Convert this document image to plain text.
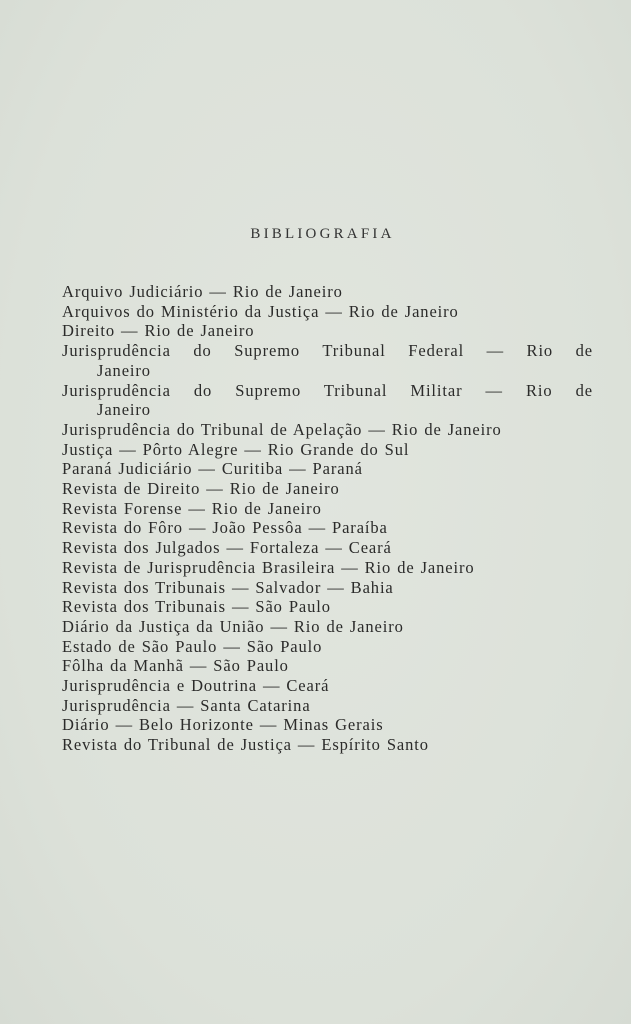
BIBLIOGRAFIA
Arquivo Judiciário — Rio de Janeiro
Arquivos do Ministério da Justiça — Rio de Janeiro
Direito — Rio de Janeiro
Jurisprudência do Supremo Tribunal Federal — Rio de
Janeiro
Jurisprudência do Supremo Tribunal Militar — Rio de
Janeiro
Jurisprudência do Tribunal de Apelação — Rio de Janeiro
Justiça — Pôrto Alegre — Rio Grande do Sul
Paraná Judiciário — Curitiba — Paraná
Revista de Direito — Rio de Janeiro
Revista Forense — Rio de Janeiro
Revista do Fôro — João Pessôa — Paraíba
Revista dos Julgados — Fortaleza — Ceará
Revista de Jurisprudência Brasileira — Rio de Janeiro
Revista dos Tribunais — Salvador — Bahia
Revista dos Tribunais — São Paulo
Diário da Justiça da União — Rio de Janeiro
Estado de São Paulo — São Paulo
Fôlha da Manhã — São Paulo
Jurisprudência e Doutrina — Ceará
Jurisprudência — Santa Catarina
Diário — Belo Horizonte — Minas Gerais
Revista do Tribunal de Justiça — Espírito Santo
